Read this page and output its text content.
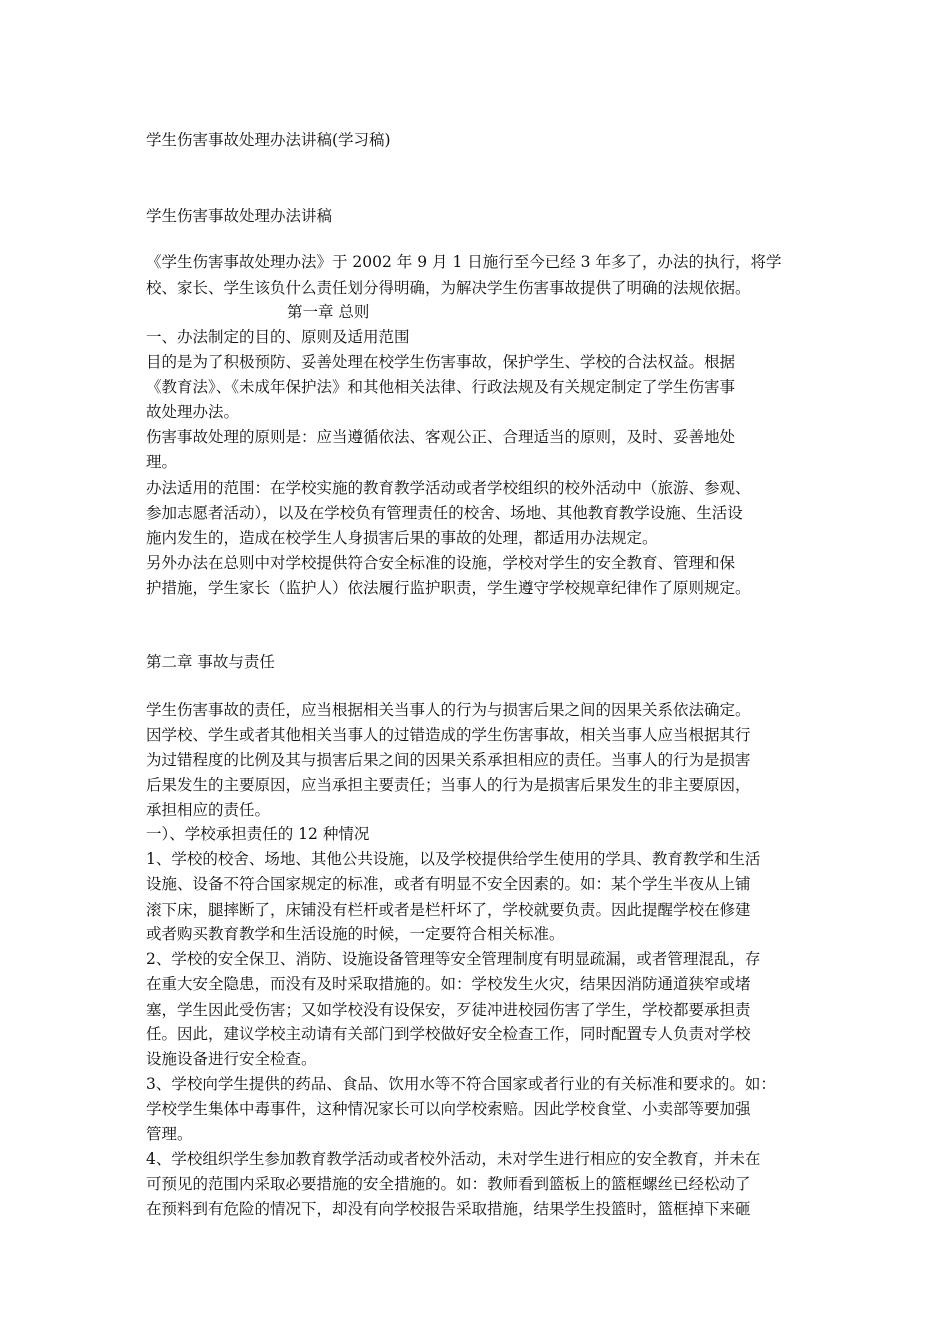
学生伤害事故处理办法讲稿(学习稿)
学生伤害事故处理办法讲稿
《学生伤害事故处理办法》于 2002 年 9 月 1 日施行至今已经 3 年多了，办法的执行，将学
校、家长、学生该负什么责任划分得明确，为解决学生伤害事故提供了明确的法规依据。
第一章 总则
一、办法制定的目的、原则及适用范围
目的是为了积极预防、妥善处理在校学生伤害事故，保护学生、学校的合法权益。根据
《教育法》、《未成年保护法》和其他相关法律、行政法规及有关规定制定了学生伤害事
故处理办法。
伤害事故处理的原则是：应当遵循依法、客观公正、合理适当的原则，及时、妥善地处
理。
办法适用的范围：在学校实施的教育教学活动或者学校组织的校外活动中（旅游、参观、
参加志愿者活动），以及在学校负有管理责任的校舍、场地、其他教育教学设施、生活设
施内发生的，造成在校学生人身损害后果的事故的处理，都适用办法规定。
另外办法在总则中对学校提供符合安全标准的设施，学校对学生的安全教育、管理和保
护措施，学生家长（监护人）依法履行监护职责，学生遵守学校规章纪律作了原则规定。
第二章 事故与责任
学生伤害事故的责任，应当根据相关当事人的行为与损害后果之间的因果关系依法确定。
因学校、学生或者其他相关当事人的过错造成的学生伤害事故，相关当事人应当根据其行
为过错程度的比例及其与损害后果之间的因果关系承担相应的责任。当事人的行为是损害
后果发生的主要原因，应当承担主要责任；当事人的行为是损害后果发生的非主要原因，
承担相应的责任。
一）、学校承担责任的 12 种情况
1、学校的校舍、场地、其他公共设施，以及学校提供给学生使用的学具、教育教学和生活
设施、设备不符合国家规定的标准，或者有明显不安全因素的。如：某个学生半夜从上铺
滚下床，腿摔断了，床铺没有栏杆或者是栏杆坏了，学校就要负责。因此提醒学校在修建
或者购买教育教学和生活设施的时候，一定要符合相关标准。
2、学校的安全保卫、消防、设施设备管理等安全管理制度有明显疏漏，或者管理混乱，存
在重大安全隐患，而没有及时采取措施的。如：学校发生火灾，结果因消防通道狭窄或堵
塞，学生因此受伤害；又如学校没有设保安，歹徒冲进校园伤害了学生，学校都要承担责
任。因此，建议学校主动请有关部门到学校做好安全检查工作，同时配置专人负责对学校
设施设备进行安全检查。
3、学校向学生提供的药品、食品、饮用水等不符合国家或者行业的有关标准和要求的。如：
学校学生集体中毒事件，这种情况家长可以向学校索赔。因此学校食堂、小卖部等要加强
管理。
4、学校组织学生参加教育教学活动或者校外活动，未对学生进行相应的安全教育，并未在
可预见的范围内采取必要措施的安全措施的。如：教师看到篮板上的篮框螺丝已经松动了
在预料到有危险的情况下，却没有向学校报告采取措施，结果学生投篮时，篮框掉下来砸
